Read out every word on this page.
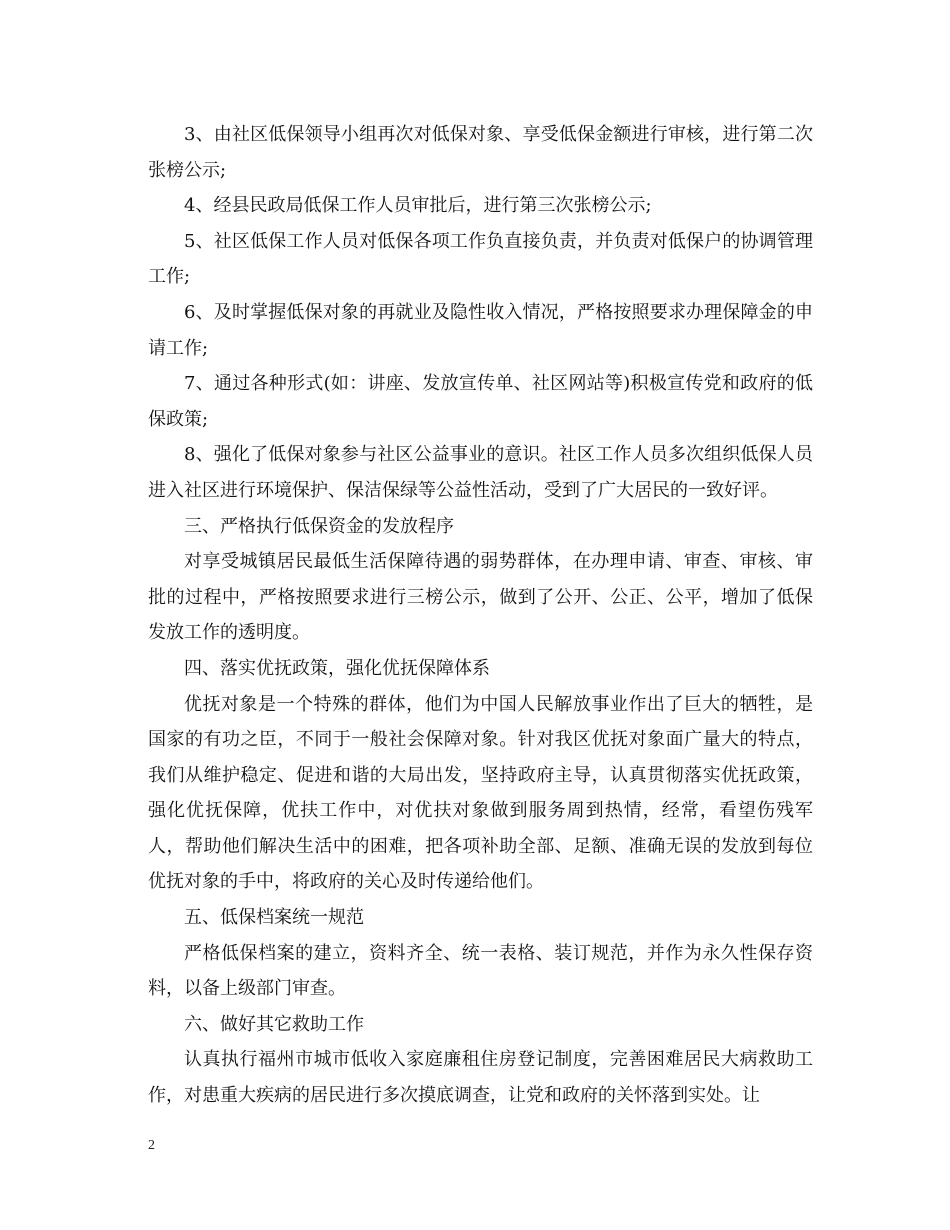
3、由社区低保领导小组再次对低保对象、享受低保金额进行审核，进行第二次张榜公示;

4、经县民政局低保工作人员审批后，进行第三次张榜公示;

5、社区低保工作人员对低保各项工作负直接负责，并负责对低保户的协调管理工作;

6、及时掌握低保对象的再就业及隐性收入情况，严格按照要求办理保障金的申请工作;

7、通过各种形式(如：讲座、发放宣传单、社区网站等)积极宣传党和政府的低保政策;

8、强化了低保对象参与社区公益事业的意识。社区工作人员多次组织低保人员进入社区进行环境保护、保洁保绿等公益性活动，受到了广大居民的一致好评。

三、严格执行低保资金的发放程序

对享受城镇居民最低生活保障待遇的弱势群体，在办理申请、审查、审核、审批的过程中，严格按照要求进行三榜公示，做到了公开、公正、公平，增加了低保发放工作的透明度。

四、落实优抚政策，强化优抚保障体系

优抚对象是一个特殊的群体，他们为中国人民解放事业作出了巨大的牺牲，是国家的有功之臣，不同于一般社会保障对象。针对我区优抚对象面广量大的特点，我们从维护稳定、促进和谐的大局出发，坚持政府主导，认真贯彻落实优抚政策，强化优抚保障，优扶工作中，对优扶对象做到服务周到热情，经常，看望伤残军人，帮助他们解决生活中的困难，把各项补助全部、足额、准确无误的发放到每位优抚对象的手中，将政府的关心及时传递给他们。

五、低保档案统一规范

严格低保档案的建立，资料齐全、统一表格、装订规范，并作为永久性保存资料，以备上级部门审查。

六、做好其它救助工作

认真执行福州市城市低收入家庭廉租住房登记制度，完善困难居民大病救助工作，对患重大疾病的居民进行多次摸底调查，让党和政府的关怀落到实处。让

2
